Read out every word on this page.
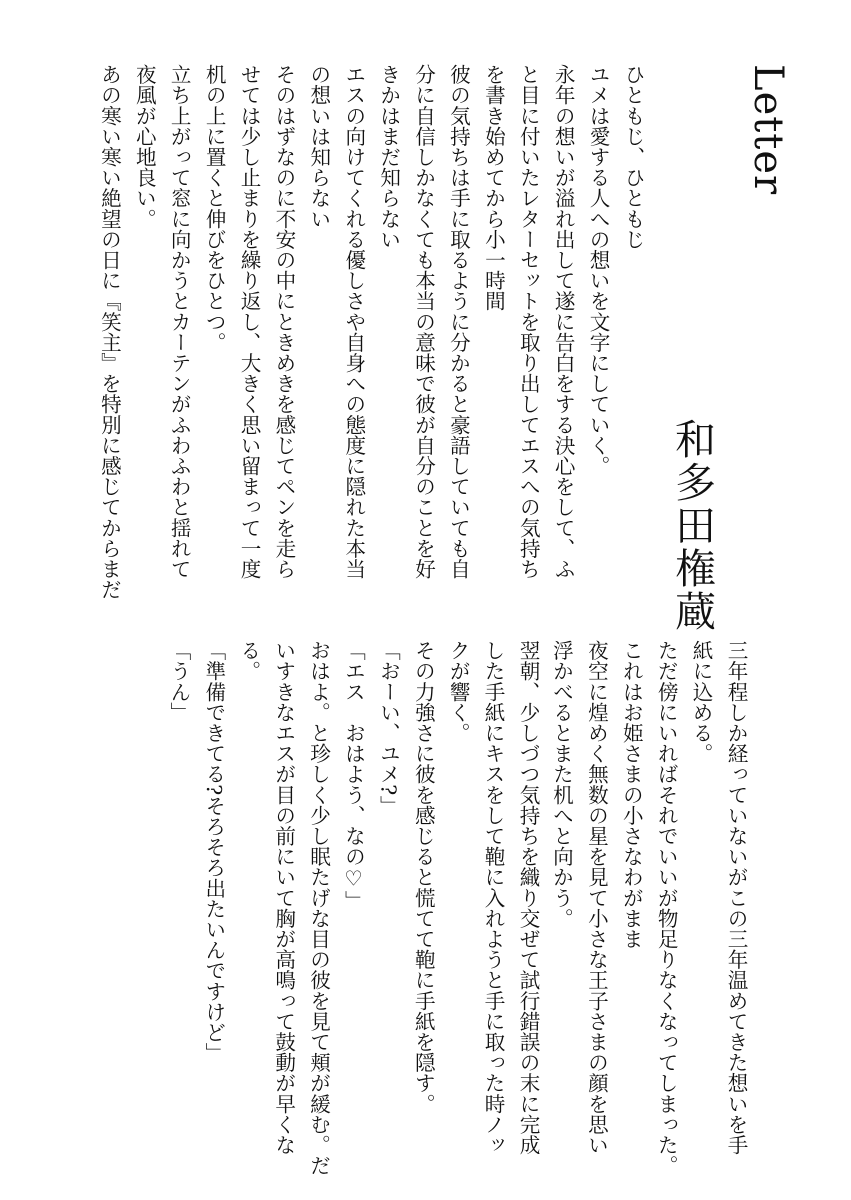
Letter
和多田権蔵
ひともじ、ひともじ
ユメは愛する人への想いを文字にしていく。
永年の想いが溢れ出して遂に告白をする決心をして、ふ
と目に付いたレターセットを取り出してエスへの気持ち
を書き始めてから小一時間
彼の気持ちは手に取るように分かると豪語していても自
分に自信しかなくても本当の意味で彼が自分のことを好
きかはまだ知らない
エスの向けてくれる優しさや自身への態度に隠れた本当
の想いは知らない
そのはずなのに不安の中にときめきを感じてペンを走ら
せては少し止まりを繰り返し、大きく思い留まって一度
机の上に置くと伸びをひとつ。
立ち上がって窓に向かうとカーテンがふわふわと揺れて
夜風が心地良い。
あの寒い寒い絶望の日に『笑主』を特別に感じてからまだ
三年程しか経っていないがこの三年温めてきた想いを手
紙に込める。
ただ傍にいればそれでいいが物足りなくなってしまった。
これはお姫さまの小さなわがまま
夜空に煌めく無数の星を見て小さな王子さまの顔を思い
浮かべるとまた机へと向かう。
翌朝、少しづつ気持ちを織り交ぜて試行錯誤の末に完成
した手紙にキスをして鞄に入れようと手に取った時ノッ
クが響く。
その力強さに彼を感じると慌てて鞄に手紙を隠す。
「おーい、ユメ?」
「エス　おはよう、なの♡」
おはよ。と珍しく少し眠たげな目の彼を見て頬が緩む。だ
いすきなエスが目の前にいて胸が高鳴って鼓動が早くな
る。
「準備できてる?そろそろ出たいんですけど」
「うん」
